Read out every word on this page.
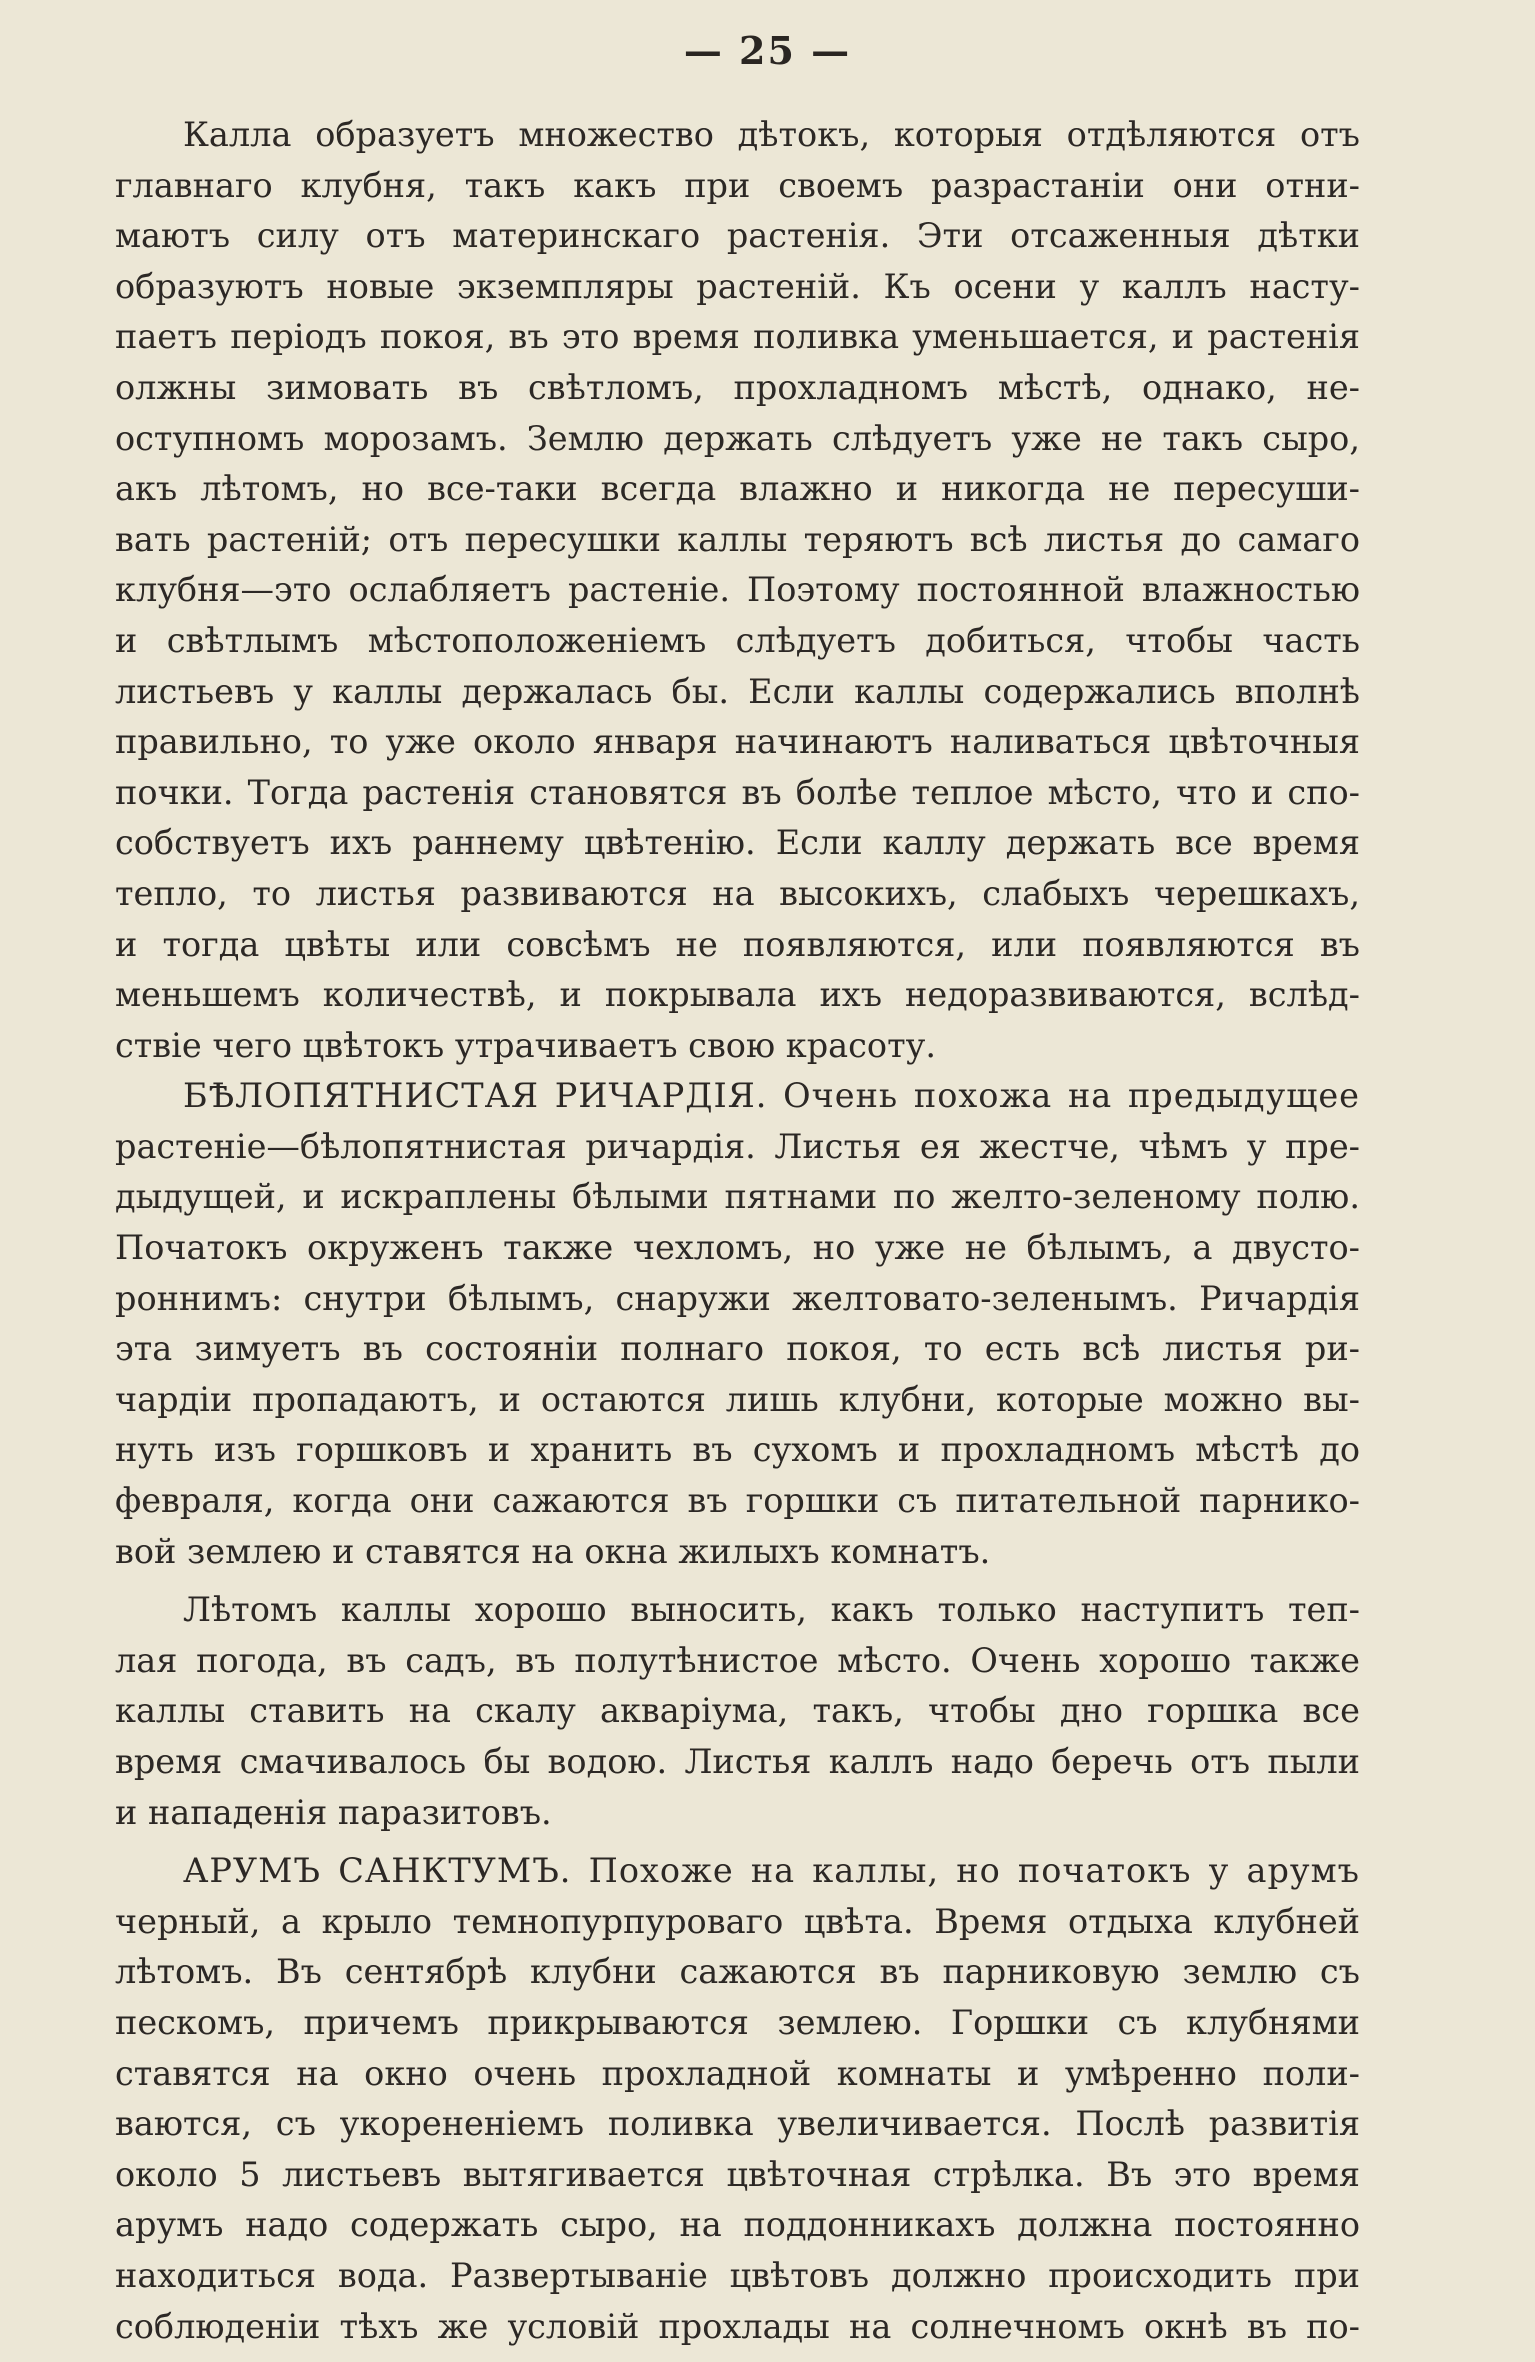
— 25 —
Калла образуетъ множество дѣтокъ, которыя отдѣляются отъ
главнаго клубня, такъ какъ при своемъ разрастанiи они отни-
маютъ силу отъ материнскаго растенiя. Эти отсаженныя дѣтки
образуютъ новые экземпляры растенiй. Къ осени у каллъ насту-
паетъ перiодъ покоя, въ это время поливка уменьшается, и растенiя
олжны зимовать въ свѣтломъ, прохладномъ мѣстѣ, однако, не-
оступномъ морозамъ. Землю держать слѣдуетъ уже не такъ сыро,
акъ лѣтомъ, но все-таки всегда влажно и никогда не пересуши-
вать растенiй; отъ пересушки каллы теряютъ всѣ листья до самаго
клубня—это ослабляетъ растенiе. Поэтому постоянной влажностью
и свѣтлымъ мѣстоположенiемъ слѣдуетъ добиться, чтобы часть
листьевъ у каллы держалась бы. Если каллы содержались вполнѣ
правильно, то уже около января начинаютъ наливаться цвѣточныя
почки. Тогда растенiя становятся въ болѣе теплое мѣсто, что и спо-
собствуетъ ихъ раннему цвѣтенiю. Если каллу держать все время
тепло, то листья развиваются на высокихъ, слабыхъ черешкахъ,
и тогда цвѣты или совсѣмъ не появляются, или появляются въ
меньшемъ количествѣ, и покрывала ихъ недоразвиваются, вслѣд-
ствiе чего цвѣтокъ утрачиваетъ свою красоту.
БѢЛОПЯТНИСТАЯ РИЧАРДIЯ. Очень похожа на предыдущее
растенiе—бѣлопятнистая ричардiя. Листья ея жестче, чѣмъ у пре-
дыдущей, и искраплены бѣлыми пятнами по желто-зеленому полю.
Початокъ окруженъ также чехломъ, но уже не бѣлымъ, а двусто-
роннимъ: снутри бѣлымъ, снаружи желтовато-зеленымъ. Ричардiя
эта зимуетъ въ состоянiи полнаго покоя, то есть всѣ листья ри-
чардiи пропадаютъ, и остаются лишь клубни, которые можно вы-
нуть изъ горшковъ и хранить въ сухомъ и прохладномъ мѣстѣ до
февраля, когда они сажаются въ горшки съ питательной парнико-
вой землею и ставятся на окна жилыхъ комнатъ.
Лѣтомъ каллы хорошо выносить, какъ только наступитъ теп-
лая погода, въ садъ, въ полутѣнистое мѣсто. Очень хорошо также
каллы ставить на скалу акварiума, такъ, чтобы дно горшка все
время смачивалось бы водою. Листья каллъ надо беречь отъ пыли
и нападенiя паразитовъ.
АРУМЪ САНКТУМЪ. Похоже на каллы, но початокъ у арумъ
черный, а крыло темнопурпуроваго цвѣта. Время отдыха клубней
лѣтомъ. Въ сентябрѣ клубни сажаются въ парниковую землю съ
пескомъ, причемъ прикрываются землею. Горшки съ клубнями
ставятся на окно очень прохладной комнаты и умѣренно поли-
ваются, съ укорененiемъ поливка увеличивается. Послѣ развитiя
около 5 листьевъ вытягивается цвѣточная стрѣлка. Въ это время
арумъ надо содержать сыро, на поддонникахъ должна постоянно
находиться вода. Развертыванiе цвѣтовъ должно происходить при
соблюденiи тѣхъ же условiй прохлады на солнечномъ окнѣ въ по-
